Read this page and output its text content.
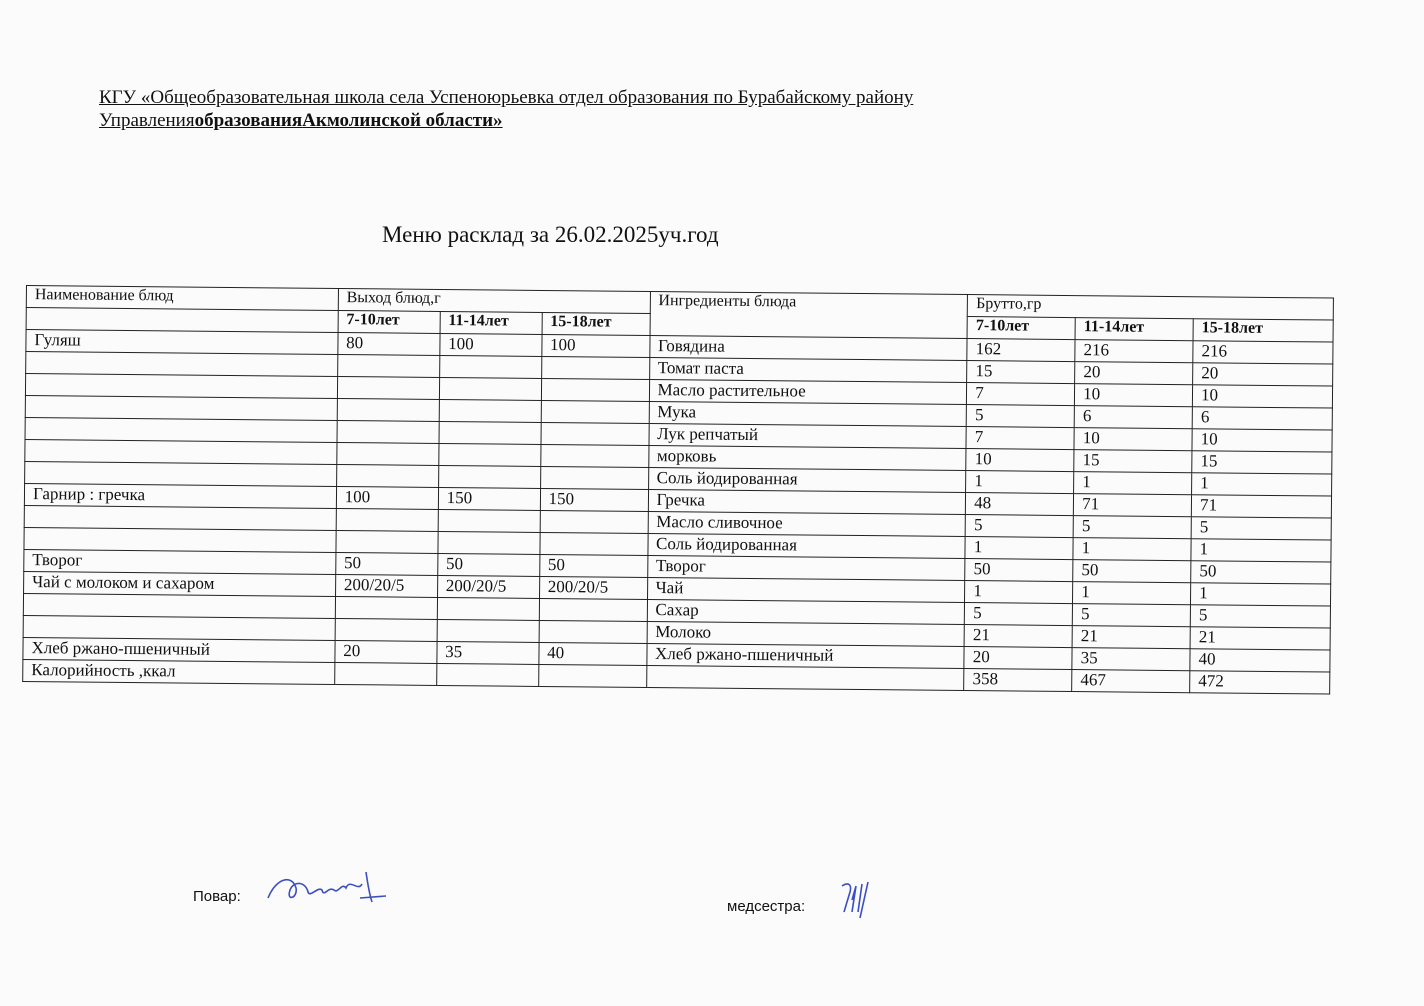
КГУ «Общеобразовательная школа села Успеноюрьевка отдел образования по Бурабайскому району
УправленияобразованияАкмолинской области»
Меню расклад за 26.02.2025уч.год
Наименование блюд	Выход блюд,г			Ингредиенты блюда	Брутто,гр		
	7-10лет	11-14лет	15-18лет		7-10лет	11-14лет	15-18лет
Гуляш	80	100	100	Говядина	162	216	216
				Томат паста	15	20	20
				Масло растительное	7	10	10
				Мука	5	6	6
				Лук репчатый	7	10	10
				морковь	10	15	15
				Соль йодированная	1	1	1
Гарнир : гречка	100	150	150	Гречка	48	71	71
				Масло сливочное	5	5	5
				Соль йодированная	1	1	1
Творог	50	50	50	Творог	50	50	50
Чай с молоком и сахаром	200/20/5	200/20/5	200/20/5	Чай	1	1	1
				Сахар	5	5	5
				Молоко	21	21	21
Хлеб ржано-пшеничный	20	35	40	Хлеб ржано-пшеничный	20	35	40
Калорийность ,ккал					358	467	472
Повар:
медсестра:
